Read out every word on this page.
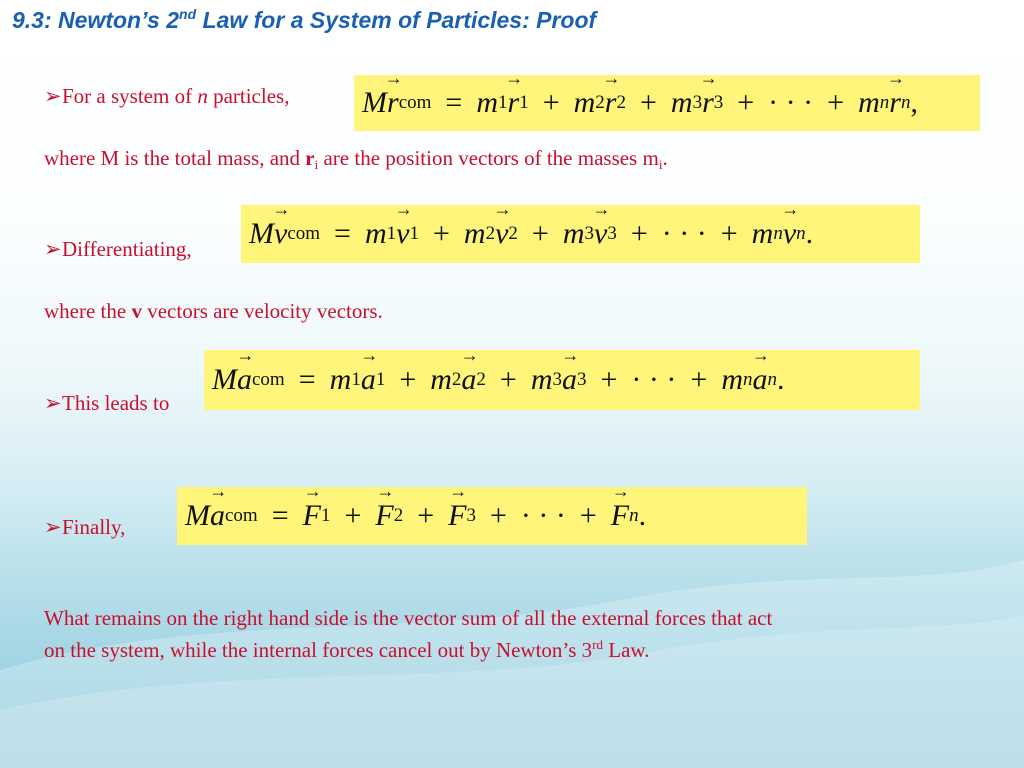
9.3: Newton’s 2nd Law for a System of Particles: Proof
➢For a system of n particles, M → r com = m 1 → r 1 + m 2 → r 2 + m 3 → r 3 + · · · + m n → r n ,
where M is the total mass, and ri are the position vectors of the masses mi.
M → v com = m 1 → v 1 + m 2 → v 2 + m 3 → v 3 + · · · + m n → v n .
➢Differentiating,
where the v vectors are velocity vectors.
M → a com = m 1 → a 1 + m 2 → a 2 + m 3 → a 3 + · · · + m n → a n .
➢This leads to
M → a com = → F 1 + → F 2 + → F 3 + · · · + → F n .
➢Finally,
What remains on the right hand side is the vector sum of all the external forces that act
on the system, while the internal forces cancel out by Newton’s 3rd Law.
